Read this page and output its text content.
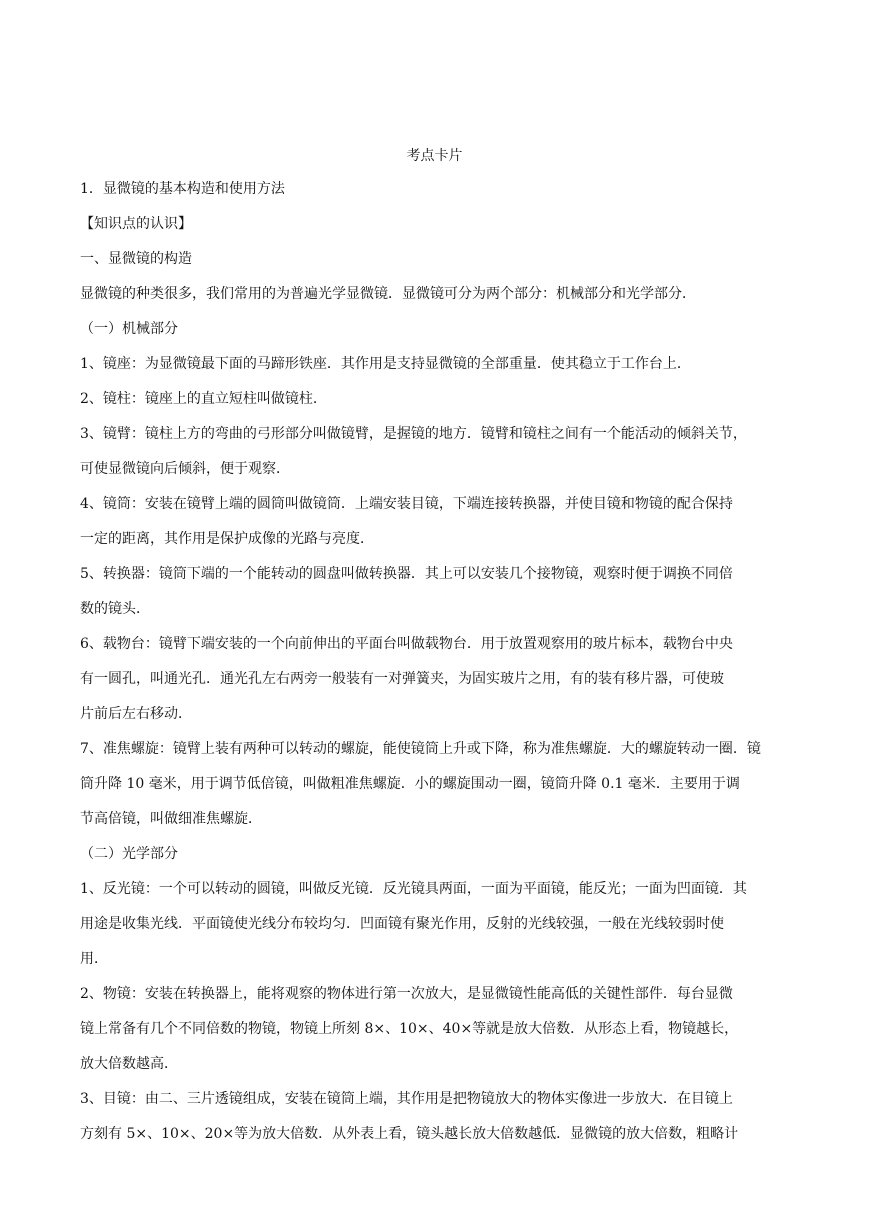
考点卡片
1．显微镜的基本构造和使用方法
【知识点的认识】
一、显微镜的构造
显微镜的种类很多，我们常用的为普遍光学显微镜．显微镜可分为两个部分：机械部分和光学部分．
（一）机械部分
1、镜座：为显微镜最下面的马蹄形铁座．其作用是支持显微镜的全部重量．使其稳立于工作台上．
2、镜柱：镜座上的直立短柱叫做镜柱．
3、镜臂：镜柱上方的弯曲的弓形部分叫做镜臂，是握镜的地方．镜臂和镜柱之间有一个能活动的倾斜关节，
可使显微镜向后倾斜，便于观察．
4、镜筒：安装在镜臂上端的圆筒叫做镜筒．上端安装目镜，下端连接转换器，并使目镜和物镜的配合保持
一定的距离，其作用是保护成像的光路与亮度．
5、转换器：镜筒下端的一个能转动的圆盘叫做转换器．其上可以安装几个接物镜，观察时便于调换不同倍
数的镜头．
6、载物台：镜臂下端安装的一个向前伸出的平面台叫做载物台．用于放置观察用的玻片标本，载物台中央
有一圆孔，叫通光孔．通光孔左右两旁一般装有一对弹簧夹，为固实玻片之用，有的装有移片器，可使玻
片前后左右移动．
7、准焦螺旋：镜臂上装有两种可以转动的螺旋，能使镜筒上升或下降，称为准焦螺旋．大的螺旋转动一圈．镜
筒升降 10 毫米，用于调节低倍镜，叫做粗准焦螺旋．小的螺旋围动一圈，镜筒升降 0.1 毫米．主要用于调
节高倍镜，叫做细准焦螺旋．
（二）光学部分
1、反光镜：一个可以转动的圆镜，叫做反光镜．反光镜具两面，一面为平面镜，能反光；一面为凹面镜．其
用途是收集光线．平面镜使光线分布较均匀．凹面镜有聚光作用，反射的光线较强，一般在光线较弱时使
用．
2、物镜：安装在转换器上，能将观察的物体进行第一次放大，是显微镜性能高低的关键性部件．每台显微
镜上常备有几个不同倍数的物镜，物镜上所刻 8×、10×、40×等就是放大倍数．从形态上看，物镜越长，
放大倍数越高．
3、目镜：由二、三片透镜组成，安装在镜筒上端，其作用是把物镜放大的物体实像进一步放大．在目镜上
方刻有 5×、10×、20×等为放大倍数．从外表上看，镜头越长放大倍数越低．显微镜的放大倍数，粗略计
